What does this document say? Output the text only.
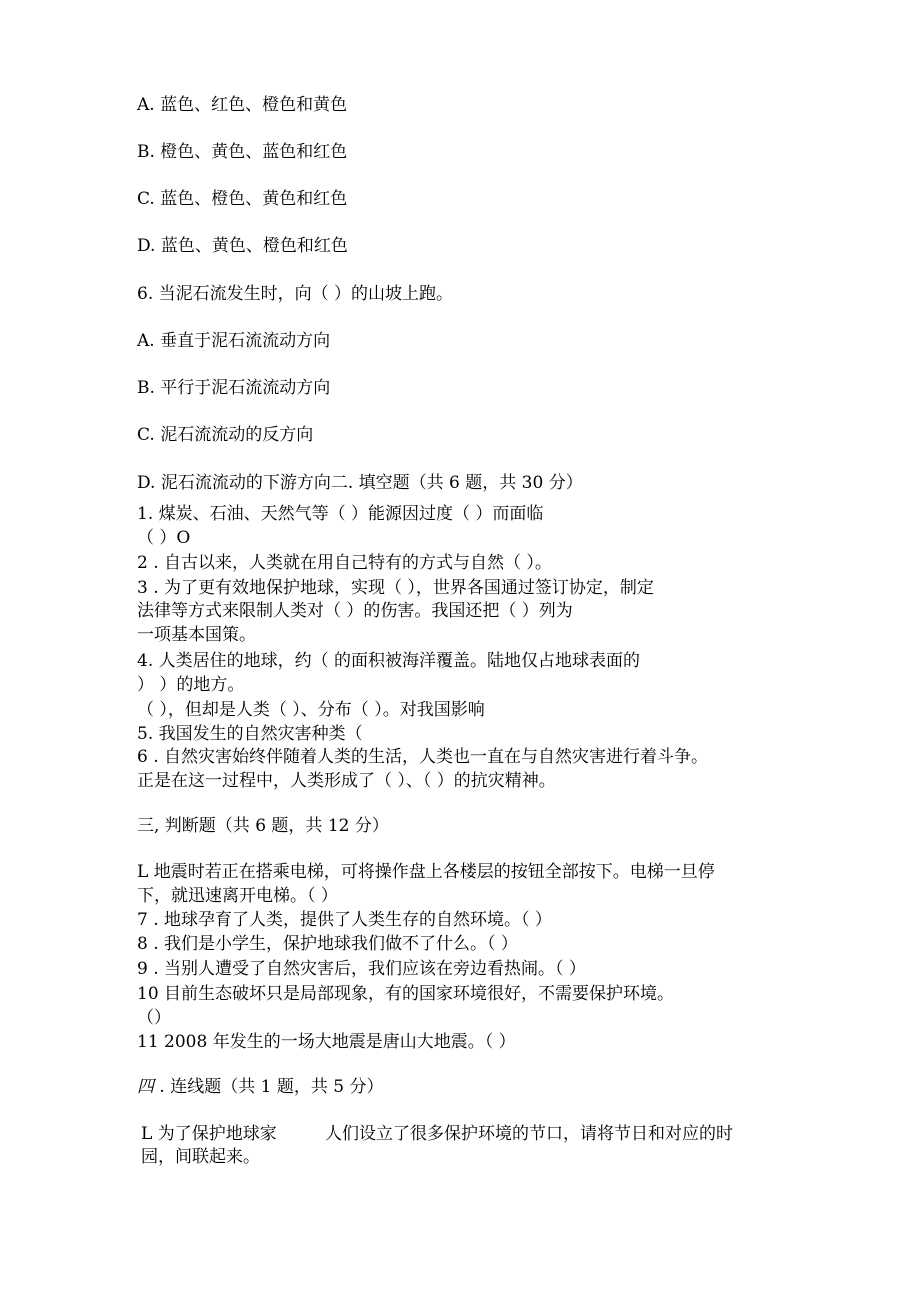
A. 蓝色、红色、橙色和黄色
B. 橙色、黄色、蓝色和红色
C. 蓝色、橙色、黄色和红色
D. 蓝色、黄色、橙色和红色
6. 当泥石流发生时，向（ ）的山坡上跑。
A. 垂直于泥石流流动方向
B. 平行于泥石流流动方向
C. 泥石流流动的反方向
D. 泥石流流动的下游方向二. 填空题（共 6 题，共 30 分）
1. 煤炭、石油、天然气等（ ）能源因过度（ ）而面临
（ ）O
2 . 自古以来，人类就在用自己特有的方式与自然（ ）。
3 . 为了更有效地保护地球，实现（ ），世界各国通过签订协定，制定
法律等方式来限制人类对（ ）的伤害。我国还把（ ）列为
一项基本国策。
4. 人类居住的地球，约（ 的面积被海洋覆盖。陆地仅占地球表面的
） ）的地方。
（ ），但却是人类（ ）、分布（ ）。对我国影响
5. 我国发生的自然灾害种类（
6 . 自然灾害始终伴随着人类的生活，人类也一直在与自然灾害进行着斗争。
正是在这一过程中，人类形成了（ ）、（ ）的抗灾精神。
三, 判断题（共 6 题，共 12 分）
L 地震时若正在搭乘电梯，可将操作盘上各楼层的按钮全部按下。电梯一旦停
下，就迅速离开电梯。（ ）
7 . 地球孕育了人类，提供了人类生存的自然环境。（ ）
8 . 我们是小学生，保护地球我们做不了什么。（ ）
9 . 当别人遭受了自然灾害后，我们应该在旁边看热闹。（ ）
10 目前生态破坏只是局部现象，有的国家环境很好，不需要保护环境。
（）
11 2008 年发生的一场大地震是唐山大地震。（ ）
四 . 连线题（共 1 题，共 5 分）
L 为了保护地球家	人们设立了很多保护环境的节口，请将节日和对应的时
园，间联起来。
